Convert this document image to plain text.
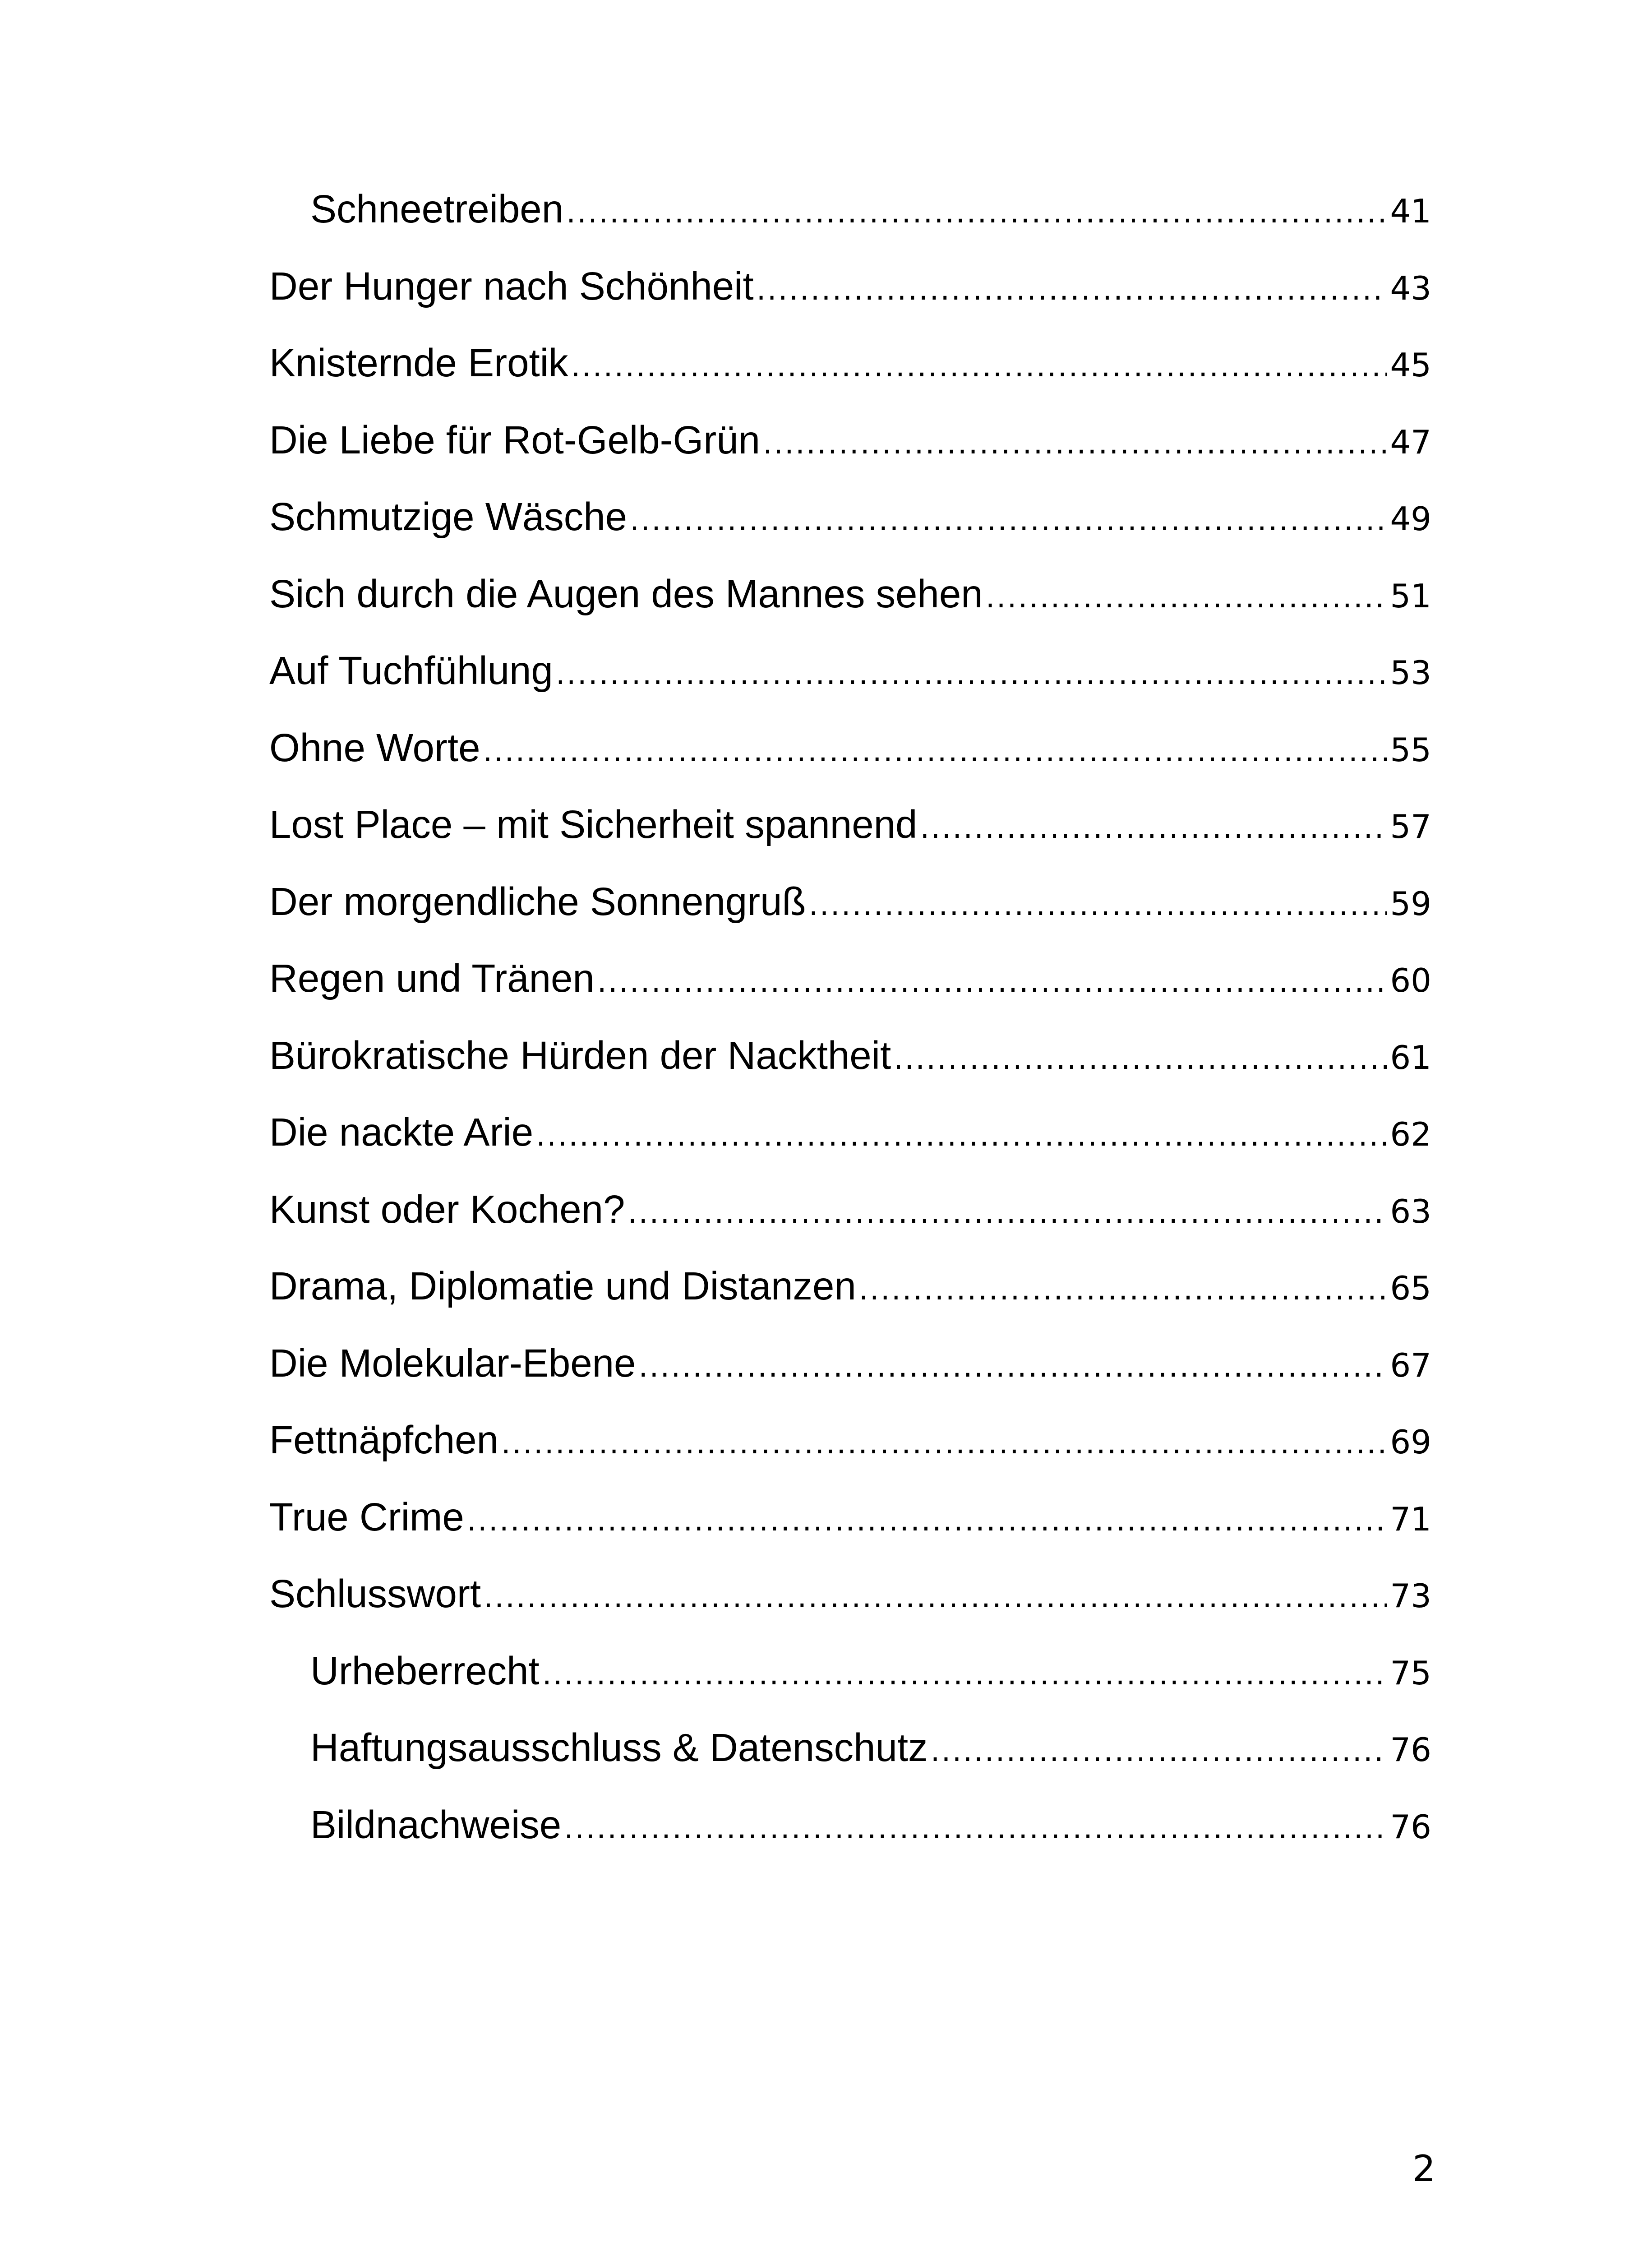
Schneetreiben .....	41
Der Hunger nach Schönheit .....	43
Knisternde Erotik .....	45
Die Liebe für Rot-Gelb-Grün .....	47
Schmutzige Wäsche .....	49
Sich durch die Augen des Mannes sehen .....	51
Auf Tuchfühlung .....	53
Ohne Worte .....	55
Lost Place – mit Sicherheit spannend .....	57
Der morgendliche Sonnengruß .....	59
Regen und Tränen .....	60
Bürokratische Hürden der Nacktheit .....	61
Die nackte Arie .....	62
Kunst oder Kochen? .....	63
Drama, Diplomatie und Distanzen .....	65
Die Molekular-Ebene .....	67
Fettnäpfchen .....	69
True Crime .....	71
Schlusswort .....	73
Urheberrecht .....	75
Haftungsausschluss & Datenschutz .....	76
Bildnachweise .....	76
2
